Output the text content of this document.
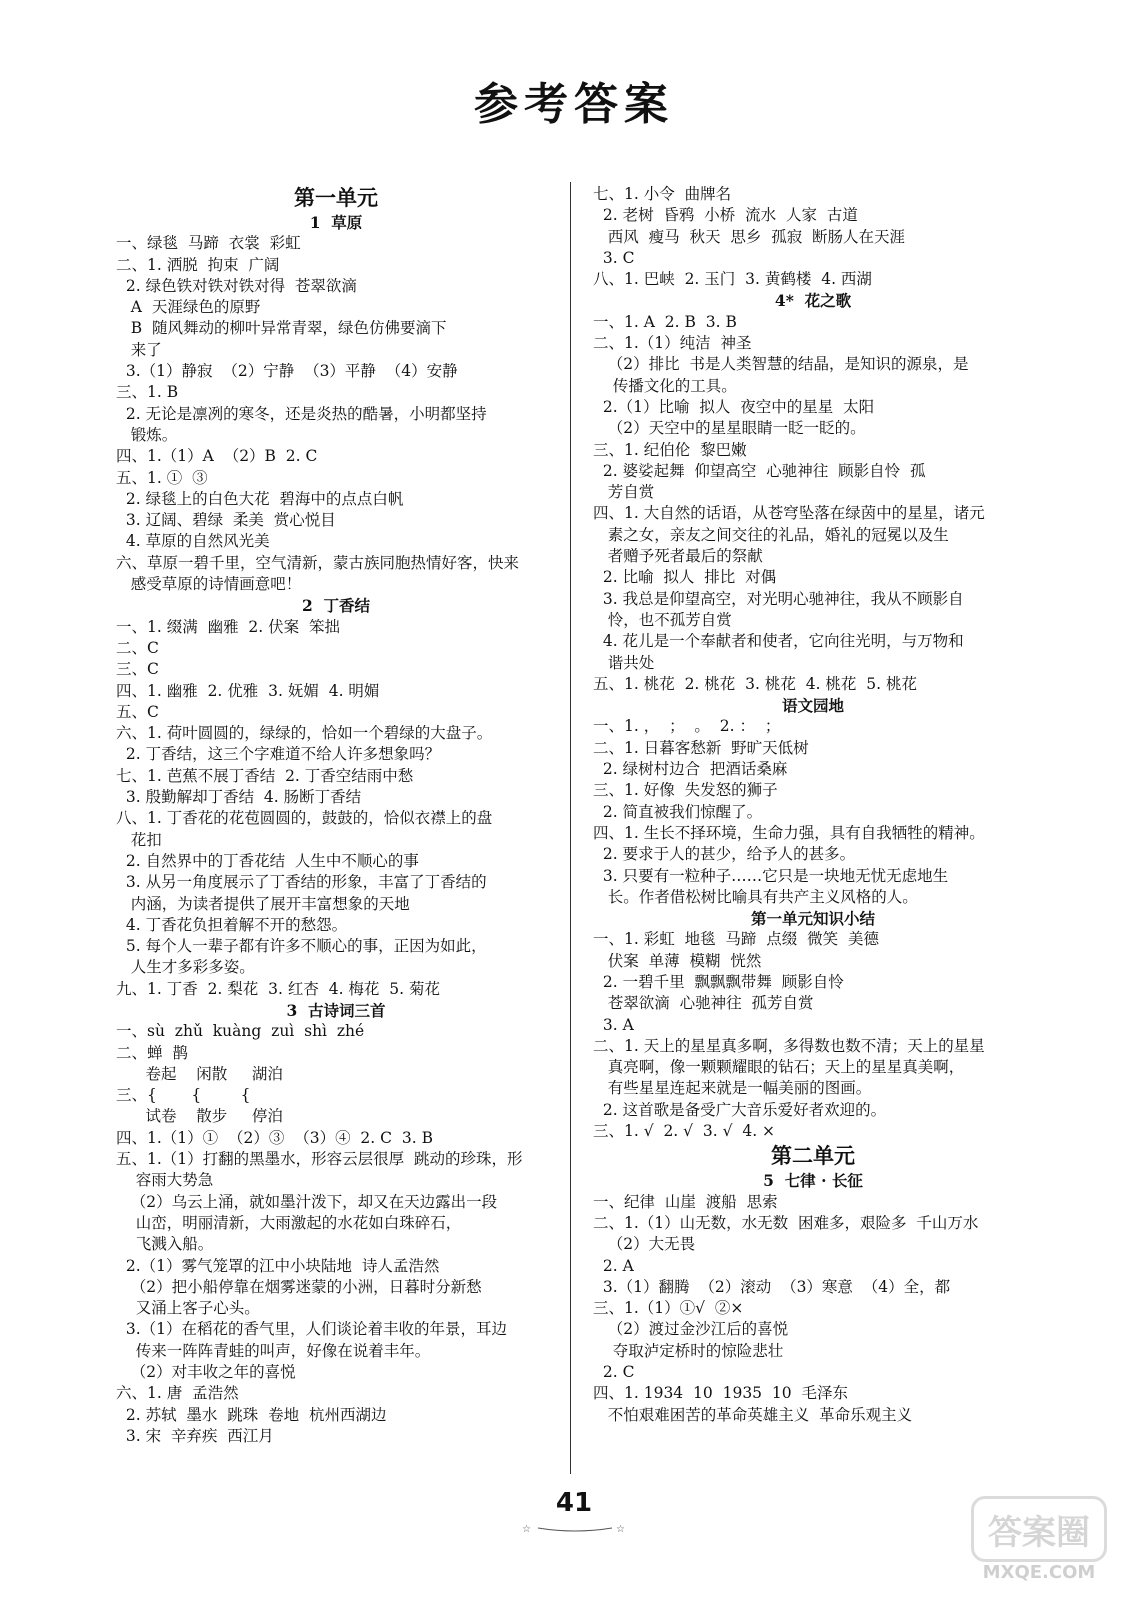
参考答案
第一单元
1  草原
一、绿毯  马蹄  衣裳  彩虹
二、1. 洒脱  拘束  广阔
2. 绿色铁对铁对铁对得  苍翠欲滴
A  天涯绿色的原野
B  随风舞动的柳叶异常青翠，绿色仿佛要滴下
来了
3.（1）静寂  （2）宁静  （3）平静  （4）安静
三、1. B
2. 无论是凛冽的寒冬，还是炎热的酷暑，小明都坚持
锻炼。
四、1.（1）A  （2）B  2. C
五、1. ①  ③
2. 绿毯上的白色大花  碧海中的点点白帆
3. 辽阔、碧绿  柔美  赏心悦目
4. 草原的自然风光美
六、草原一碧千里，空气清新，蒙古族同胞热情好客，快来
感受草原的诗情画意吧！
2  丁香结
一、1. 缀满  幽雅  2. 伏案  笨拙
二、C
三、C
四、1. 幽雅  2. 优雅  3. 妩媚  4. 明媚
五、C
六、1. 荷叶圆圆的，绿绿的，恰如一个碧绿的大盘子。
2. 丁香结，这三个字难道不给人许多想象吗？
七、1. 芭蕉不展丁香结  2. 丁香空结雨中愁
3. 殷勤解却丁香结  4. 肠断丁香结
八、1. 丁香花的花苞圆圆的，鼓鼓的，恰似衣襟上的盘
花扣
2. 自然界中的丁香花结  人生中不顺心的事
3. 从另一角度展示了丁香结的形象，丰富了丁香结的
内涵，为读者提供了展开丰富想象的天地
4. 丁香花负担着解不开的愁怨。
5. 每个人一辈子都有许多不顺心的事，正因为如此，
人生才多彩多姿。
九、1. 丁香  2. 梨花  3. 红杏  4. 梅花  5. 菊花
3  古诗词三首
一、sù  zhǔ  kuàng  zuì  shì  zhé
二、蝉  鹊
卷起    闲散     湖泊
三、{       {        {
试卷    散步     停泊
四、1.（1）①  （2）③  （3）④  2. C  3. B
五、1.（1）打翻的黑墨水，形容云层很厚  跳动的珍珠，形
容雨大势急
（2）乌云上涌，就如墨汁泼下，却又在天边露出一段
山峦，明丽清新，大雨激起的水花如白珠碎石，
飞溅入船。
2.（1）雾气笼罩的江中小块陆地  诗人孟浩然
（2）把小船停靠在烟雾迷蒙的小洲，日暮时分新愁
又涌上客子心头。
3.（1）在稻花的香气里，人们谈论着丰收的年景，耳边
传来一阵阵青蛙的叫声，好像在说着丰年。
（2）对丰收之年的喜悦
六、1. 唐  孟浩然
2. 苏轼  墨水  跳珠  卷地  杭州西湖边
3. 宋  辛弃疾  西江月
七、1. 小令  曲牌名
2. 老树  昏鸦  小桥  流水  人家  古道
西风  瘦马  秋天  思乡  孤寂  断肠人在天涯
3. C
八、1. 巴峡  2. 玉门  3. 黄鹤楼  4. 西湖
4*  花之歌
一、1. A  2. B  3. B
二、1.（1）纯洁  神圣
（2）排比  书是人类智慧的结晶，是知识的源泉，是
传播文化的工具。
2.（1）比喻  拟人  夜空中的星星  太阳
（2）天空中的星星眼睛一眨一眨的。
三、1. 纪伯伦  黎巴嫩
2. 婆娑起舞  仰望高空  心驰神往  顾影自怜  孤
芳自赏
四、1. 大自然的话语，从苍穹坠落在绿茵中的星星，诸元
素之女，亲友之间交往的礼品，婚礼的冠冕以及生
者赠予死者最后的祭献
2. 比喻  拟人  排比  对偶
3. 我总是仰望高空，对光明心驰神往，我从不顾影自
怜，也不孤芳自赏
4. 花儿是一个奉献者和使者，它向往光明，与万物和
谐共处
五、1. 桃花  2. 桃花  3. 桃花  4. 桃花  5. 桃花
语文园地
一、1. ，  ；  。  2. ：  ；
二、1. 日暮客愁新  野旷天低树
2. 绿树村边合  把酒话桑麻
三、1. 好像  失发怒的狮子
2. 简直被我们惊醒了。
四、1. 生长不择环境，生命力强，具有自我牺牲的精神。
2. 要求于人的甚少，给予人的甚多。
3. 只要有一粒种子……它只是一块地无忧无虑地生
长。作者借松树比喻具有共产主义风格的人。
第一单元知识小结
一、1. 彩虹  地毯  马蹄  点缀  微笑  美德
伏案  单薄  模糊  恍然
2. 一碧千里  飘飘飘带舞  顾影自怜
苍翠欲滴  心驰神往  孤芳自赏
3. A
二、1. 天上的星星真多啊，多得数也数不清；天上的星星
真亮啊，像一颗颗耀眼的钻石；天上的星星真美啊，
有些星星连起来就是一幅美丽的图画。
2. 这首歌是备受广大音乐爱好者欢迎的。
三、1. √  2. √  3. √  4. ×
第二单元
5  七律 · 长征
一、纪律  山崖  渡船  思索
二、1.（1）山无数，水无数  困难多，艰险多  千山万水
（2）大无畏
2. A
3.（1）翻腾  （2）滚动  （3）寒意  （4）全，都
三、1.（1）①√  ②×
（2）渡过金沙江后的喜悦
夺取泸定桥时的惊险悲壮
2. C
四、1. 1934  10  1935  10  毛泽东
不怕艰难困苦的革命英雄主义  革命乐观主义
41
☆	☆	答案圈
MXQE.COM
